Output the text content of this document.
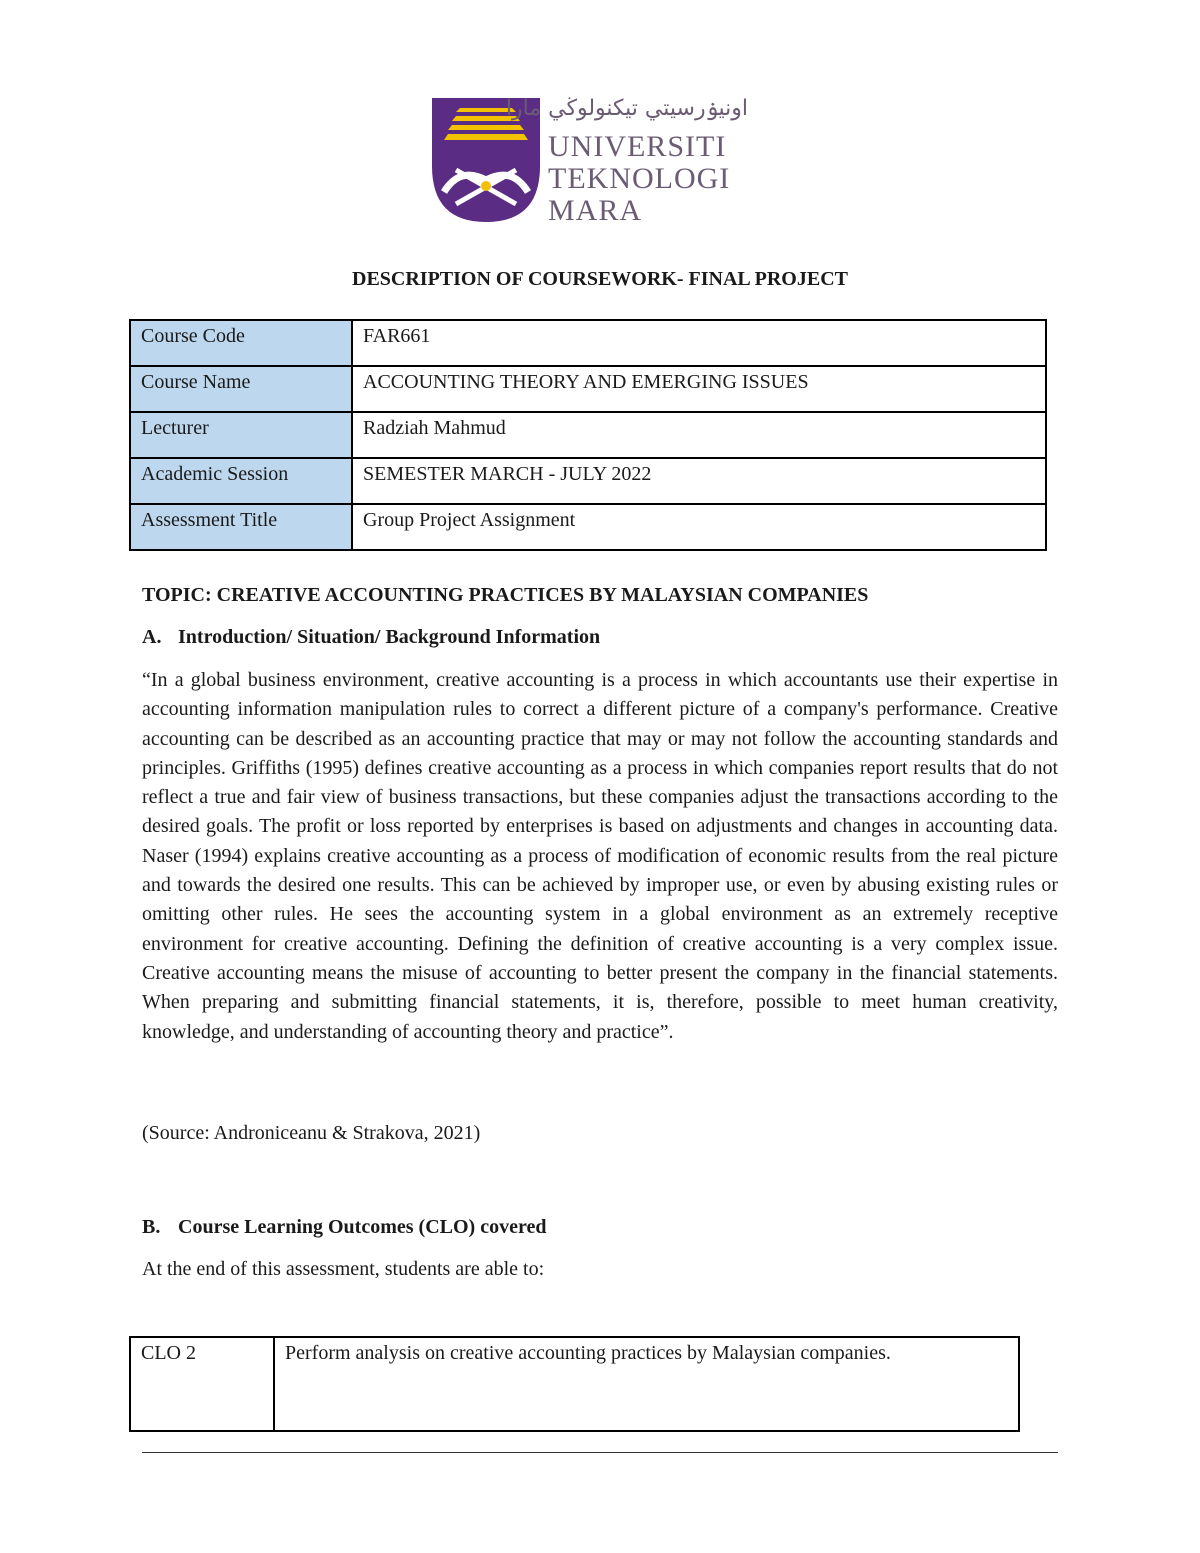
اونيۏرسيتي تيكنولوڬي مارا
UNIVERSITI
TEKNOLOGI
MARA
DESCRIPTION OF COURSEWORK- FINAL PROJECT
Course Code	FAR661
Course Name	ACCOUNTING THEORY AND EMERGING ISSUES
Lecturer	Radziah Mahmud
Academic Session	SEMESTER MARCH - JULY 2022
Assessment Title	Group Project Assignment
TOPIC: CREATIVE ACCOUNTING PRACTICES BY MALAYSIAN COMPANIES
A. Introduction/ Situation/ Background Information
“In a global business environment, creative accounting is a process in which accountants use their expertise in accounting information manipulation rules to correct a different picture of a company's performance. Creative accounting can be described as an accounting practice that may or may not follow the accounting standards and principles. Griffiths (1995) defines creative accounting as a process in which companies report results that do not reflect a true and fair view of business transactions, but these companies adjust the transactions according to the desired goals. The profit or loss reported by enterprises is based on adjustments and changes in accounting data. Naser (1994) explains creative accounting as a process of modification of economic results from the real picture and towards the desired one results. This can be achieved by improper use, or even by abusing existing rules or omitting other rules. He sees the accounting system in a global environment as an extremely receptive environment for creative accounting. Defining the definition of creative accounting is a very complex issue. Creative accounting means the misuse of accounting to better present the company in the financial statements. When preparing and submitting financial statements, it is, therefore, possible to meet human creativity, knowledge, and understanding of accounting theory and practice”.
(Source: Androniceanu & Strakova, 2021)
B. Course Learning Outcomes (CLO) covered
At the end of this assessment, students are able to:
CLO 2	Perform analysis on creative accounting practices by Malaysian companies.
